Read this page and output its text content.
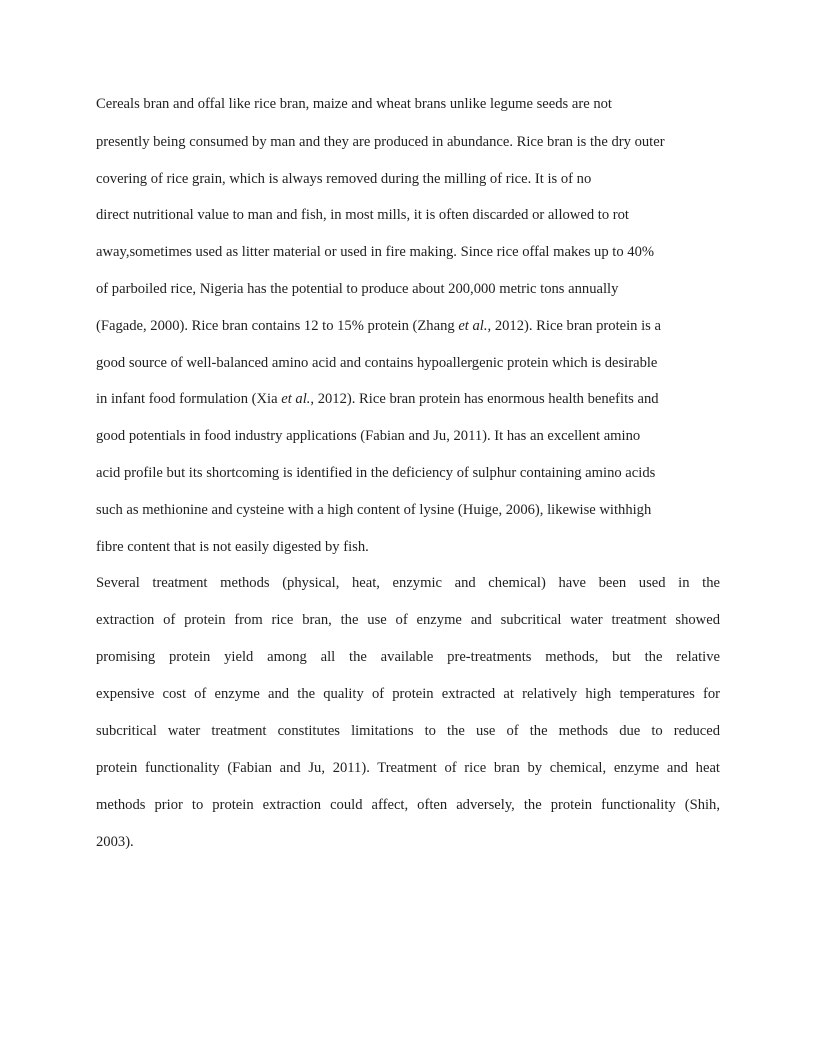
Cereals bran and offal like rice bran, maize and wheat brans unlike legume seeds are not
presently being consumed by man and they are produced in abundance. Rice bran is the dry outer
covering of rice grain, which is always removed during the milling of rice. It is of no
direct nutritional value to man and fish, in most mills, it is often discarded or allowed to rot
away,sometimes used as litter material or used in fire making. Since rice offal makes up to 40%
of parboiled rice, Nigeria has the potential to produce about 200,000 metric tons annually
(Fagade, 2000). Rice bran contains 12 to 15% protein (Zhang et al., 2012). Rice bran protein is a
good source of well-balanced amino acid and contains hypoallergenic protein which is desirable
in infant food formulation (Xia et al., 2012). Rice bran protein has enormous health benefits and
good potentials in food industry applications (Fabian and Ju, 2011). It has an excellent amino
acid profile but its shortcoming is identified in the deficiency of sulphur containing amino acids
such as methionine and cysteine with a high content of lysine (Huige, 2006), likewise withhigh
fibre content that is not easily digested by fish.
Several treatment methods (physical, heat, enzymic and chemical) have been used in the
extraction of protein from rice bran, the use of enzyme and subcritical water treatment showed
promising protein yield among all the available pre-treatments methods, but the relative
expensive cost of enzyme and the quality of protein extracted at relatively high temperatures for
subcritical water treatment constitutes limitations to the use of the methods due to reduced
protein functionality (Fabian and Ju, 2011). Treatment of rice bran by chemical, enzyme and heat
methods prior to protein extraction could affect, often adversely, the protein functionality (Shih,
2003).
